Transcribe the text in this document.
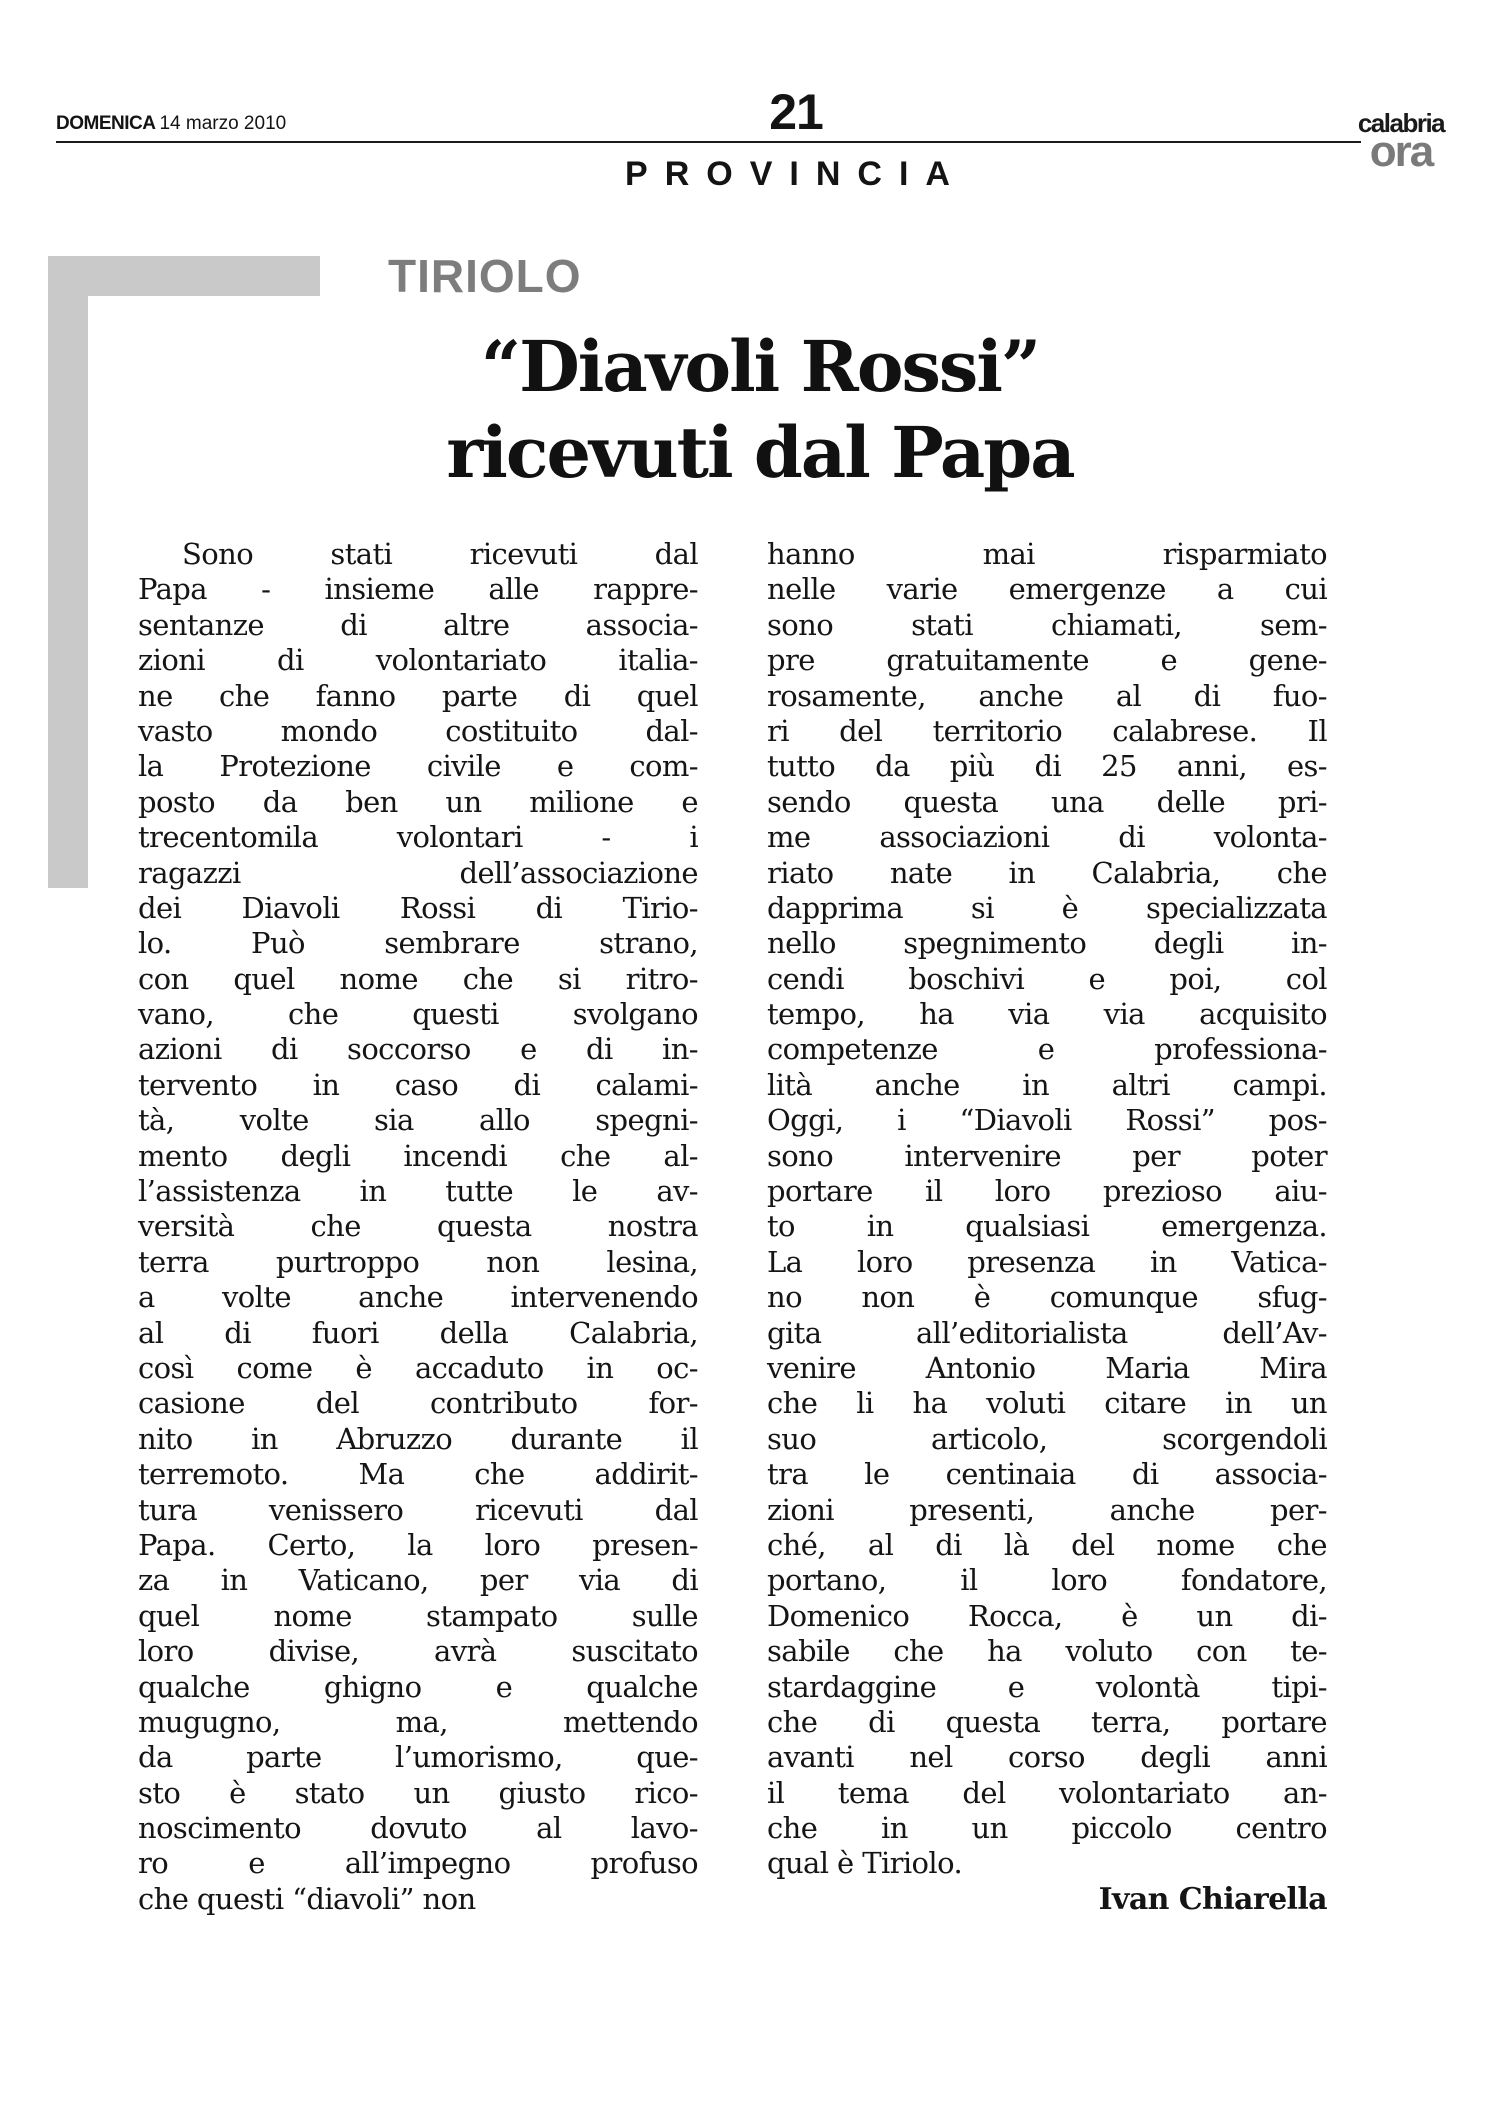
DOMENICA 14 marzo 2010	21
PROVINCIA
calabria
ora
TIRIOLO
“Diavoli Rossi”
ricevuti dal Papa
Sono stati ricevuti dal
Papa - insieme alle rappre-
sentanze di altre associa-
zioni di volontariato italia-
ne che fanno parte di quel
vasto mondo costituito dal-
la Protezione civile e com-
posto da ben un milione e
trecentomila volontari - i
ragazzi dell’associazione
dei Diavoli Rossi di Tirio-
lo. Può sembrare strano,
con quel nome che si ritro-
vano, che questi svolgano
azioni di soccorso e di in-
tervento in caso di calami-
tà, volte sia allo spegni-
mento degli incendi che al-
l’assistenza in tutte le av-
versità che questa nostra
terra purtroppo non lesina,
a volte anche intervenendo
al di fuori della Calabria,
così come è accaduto in oc-
casione del contributo for-
nito in Abruzzo durante il
terremoto. Ma che addirit-
tura venissero ricevuti dal
Papa. Certo, la loro presen-
za in Vaticano, per via di
quel nome stampato sulle
loro divise, avrà suscitato
qualche ghigno e qualche
mugugno, ma, mettendo
da parte l’umorismo, que-
sto è stato un giusto rico-
noscimento dovuto al lavo-
ro e all’impegno profuso
che questi “diavoli” non
hanno mai risparmiato
nelle varie emergenze a cui
sono stati chiamati, sem-
pre gratuitamente e gene-
rosamente, anche al di fuo-
ri del territorio calabrese. Il
tutto da più di 25 anni, es-
sendo questa una delle pri-
me associazioni di volonta-
riato nate in Calabria, che
dapprima si è specializzata
nello spegnimento degli in-
cendi boschivi e poi, col
tempo, ha via via acquisito
competenze e professiona-
lità anche in altri campi.
Oggi, i “Diavoli Rossi” pos-
sono intervenire per poter
portare il loro prezioso aiu-
to in qualsiasi emergenza.
La loro presenza in Vatica-
no non è comunque sfug-
gita all’editorialista dell’Av-
venire Antonio Maria Mira
che li ha voluti citare in un
suo articolo, scorgendoli
tra le centinaia di associa-
zioni presenti, anche per-
ché, al di là del nome che
portano, il loro fondatore,
Domenico Rocca, è un di-
sabile che ha voluto con te-
stardaggine e volontà tipi-
che di questa terra, portare
avanti nel corso degli anni
il tema del volontariato an-
che in un piccolo centro
qual è Tiriolo.
Ivan Chiarella
